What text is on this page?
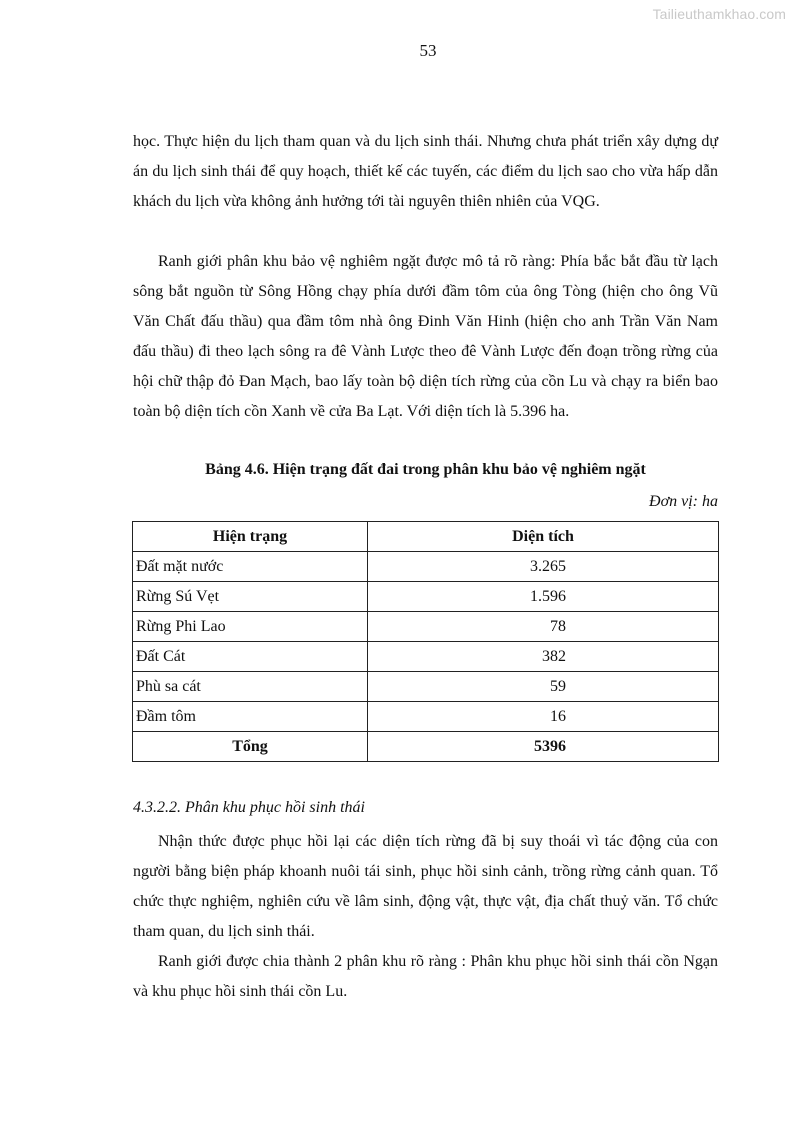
Tailieuthamkhao.com
53

học. Thực hiện du lịch tham quan và du lịch sinh thái. Nhưng chưa phát triển xây dựng dự án du lịch sinh thái để quy hoạch, thiết kế các tuyến, các điểm du lịch sao cho vừa hấp dẫn khách du lịch vừa không ảnh hưởng tới tài nguyên thiên nhiên của VQG.

Ranh giới phân khu bảo vệ nghiêm ngặt được mô tả rõ ràng: Phía bắc bắt đầu từ lạch sông bắt nguồn từ Sông Hồng chạy phía dưới đầm tôm của ông Tòng (hiện cho ông Vũ Văn Chất đấu thầu) qua đầm tôm nhà ông Đinh Văn Hinh (hiện cho anh Trần Văn Nam đấu thầu) đi theo lạch sông ra đê Vành Lược theo đê Vành Lược đến đoạn trồng rừng của hội chữ thập đỏ Đan Mạch, bao lấy toàn bộ diện tích rừng của cồn Lu và chạy ra biển bao toàn bộ diện tích cồn Xanh về cửa Ba Lạt. Với diện tích là 5.396 ha.

Bảng 4.6. Hiện trạng đất đai trong phân khu bảo vệ nghiêm ngặt
Đơn vị: ha
Hiện trạng	Diện tích

Đất mặt nước	3.265

Rừng Sú Vẹt	1.596

Rừng Phi Lao	78

Đất Cát	382

Phù sa cát	59

Đầm tôm	16

Tổng	5396
4.3.2.2. Phân khu phục hồi sinh thái

Nhận thức được phục hồi lại các diện tích rừng đã bị suy thoái vì tác động của con người bằng biện pháp khoanh nuôi tái sinh, phục hồi sinh cảnh, trồng rừng cảnh quan. Tổ chức thực nghiệm, nghiên cứu về lâm sinh, động vật, thực vật, địa chất thuỷ văn. Tổ chức tham quan, du lịch sinh thái.

Ranh giới được chia thành 2 phân khu rõ ràng : Phân khu phục hồi sinh thái cồn Ngạn và khu phục hồi sinh thái cồn Lu.
